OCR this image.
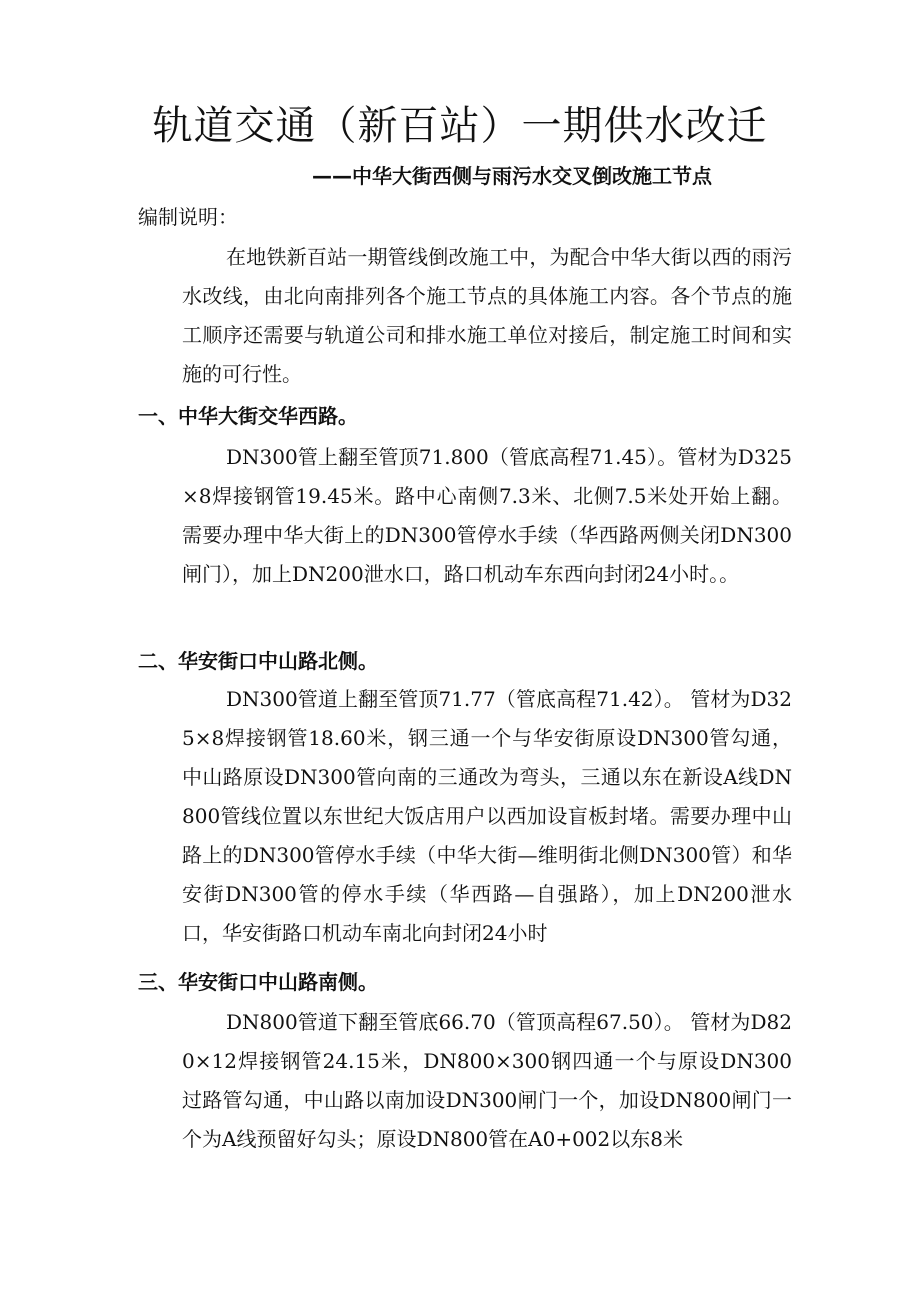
轨道交通（新百站）一期供水改迁

——中华大街西侧与雨污水交叉倒改施工节点

编制说明：

在地铁新百站一期管线倒改施工中，为配合中华大街以西的雨污水改线，由北向南排列各个施工节点的具体施工内容。各个节点的施工顺序还需要与轨道公司和排水施工单位对接后，制定施工时间和实施的可行性。

一、中华大街交华西路。

DN300管上翻至管顶71.800（管底高程71.45）。管材为D325×8焊接钢管19.45米。路中心南侧7.3米、北侧7.5米处开始上翻。需要办理中华大街上的DN300管停水手续（华西路两侧关闭DN300闸门），加上DN200泄水口，路口机动车东西向封闭24小时。。

二、华安街口中山路北侧。

DN300管道上翻至管顶71.77（管底高程71.42）。 管材为D325×8焊接钢管18.60米，钢三通一个与华安街原设DN300管勾通，中山路原设DN300管向南的三通改为弯头，三通以东在新设A线DN800管线位置以东世纪大饭店用户以西加设盲板封堵。需要办理中山路上的DN300管停水手续（中华大街—维明街北侧DN300管）和华安街DN300管的停水手续（华西路—自强路），加上DN200泄水口，华安街路口机动车南北向封闭24小时

三、华安街口中山路南侧。

DN800管道下翻至管底66.70（管顶高程67.50）。 管材为D820×12焊接钢管24.15米，DN800×300钢四通一个与原设DN300过路管勾通，中山路以南加设DN300闸门一个，加设DN800闸门一个为A线预留好勾头；原设DN800管在A0+002以东8米
